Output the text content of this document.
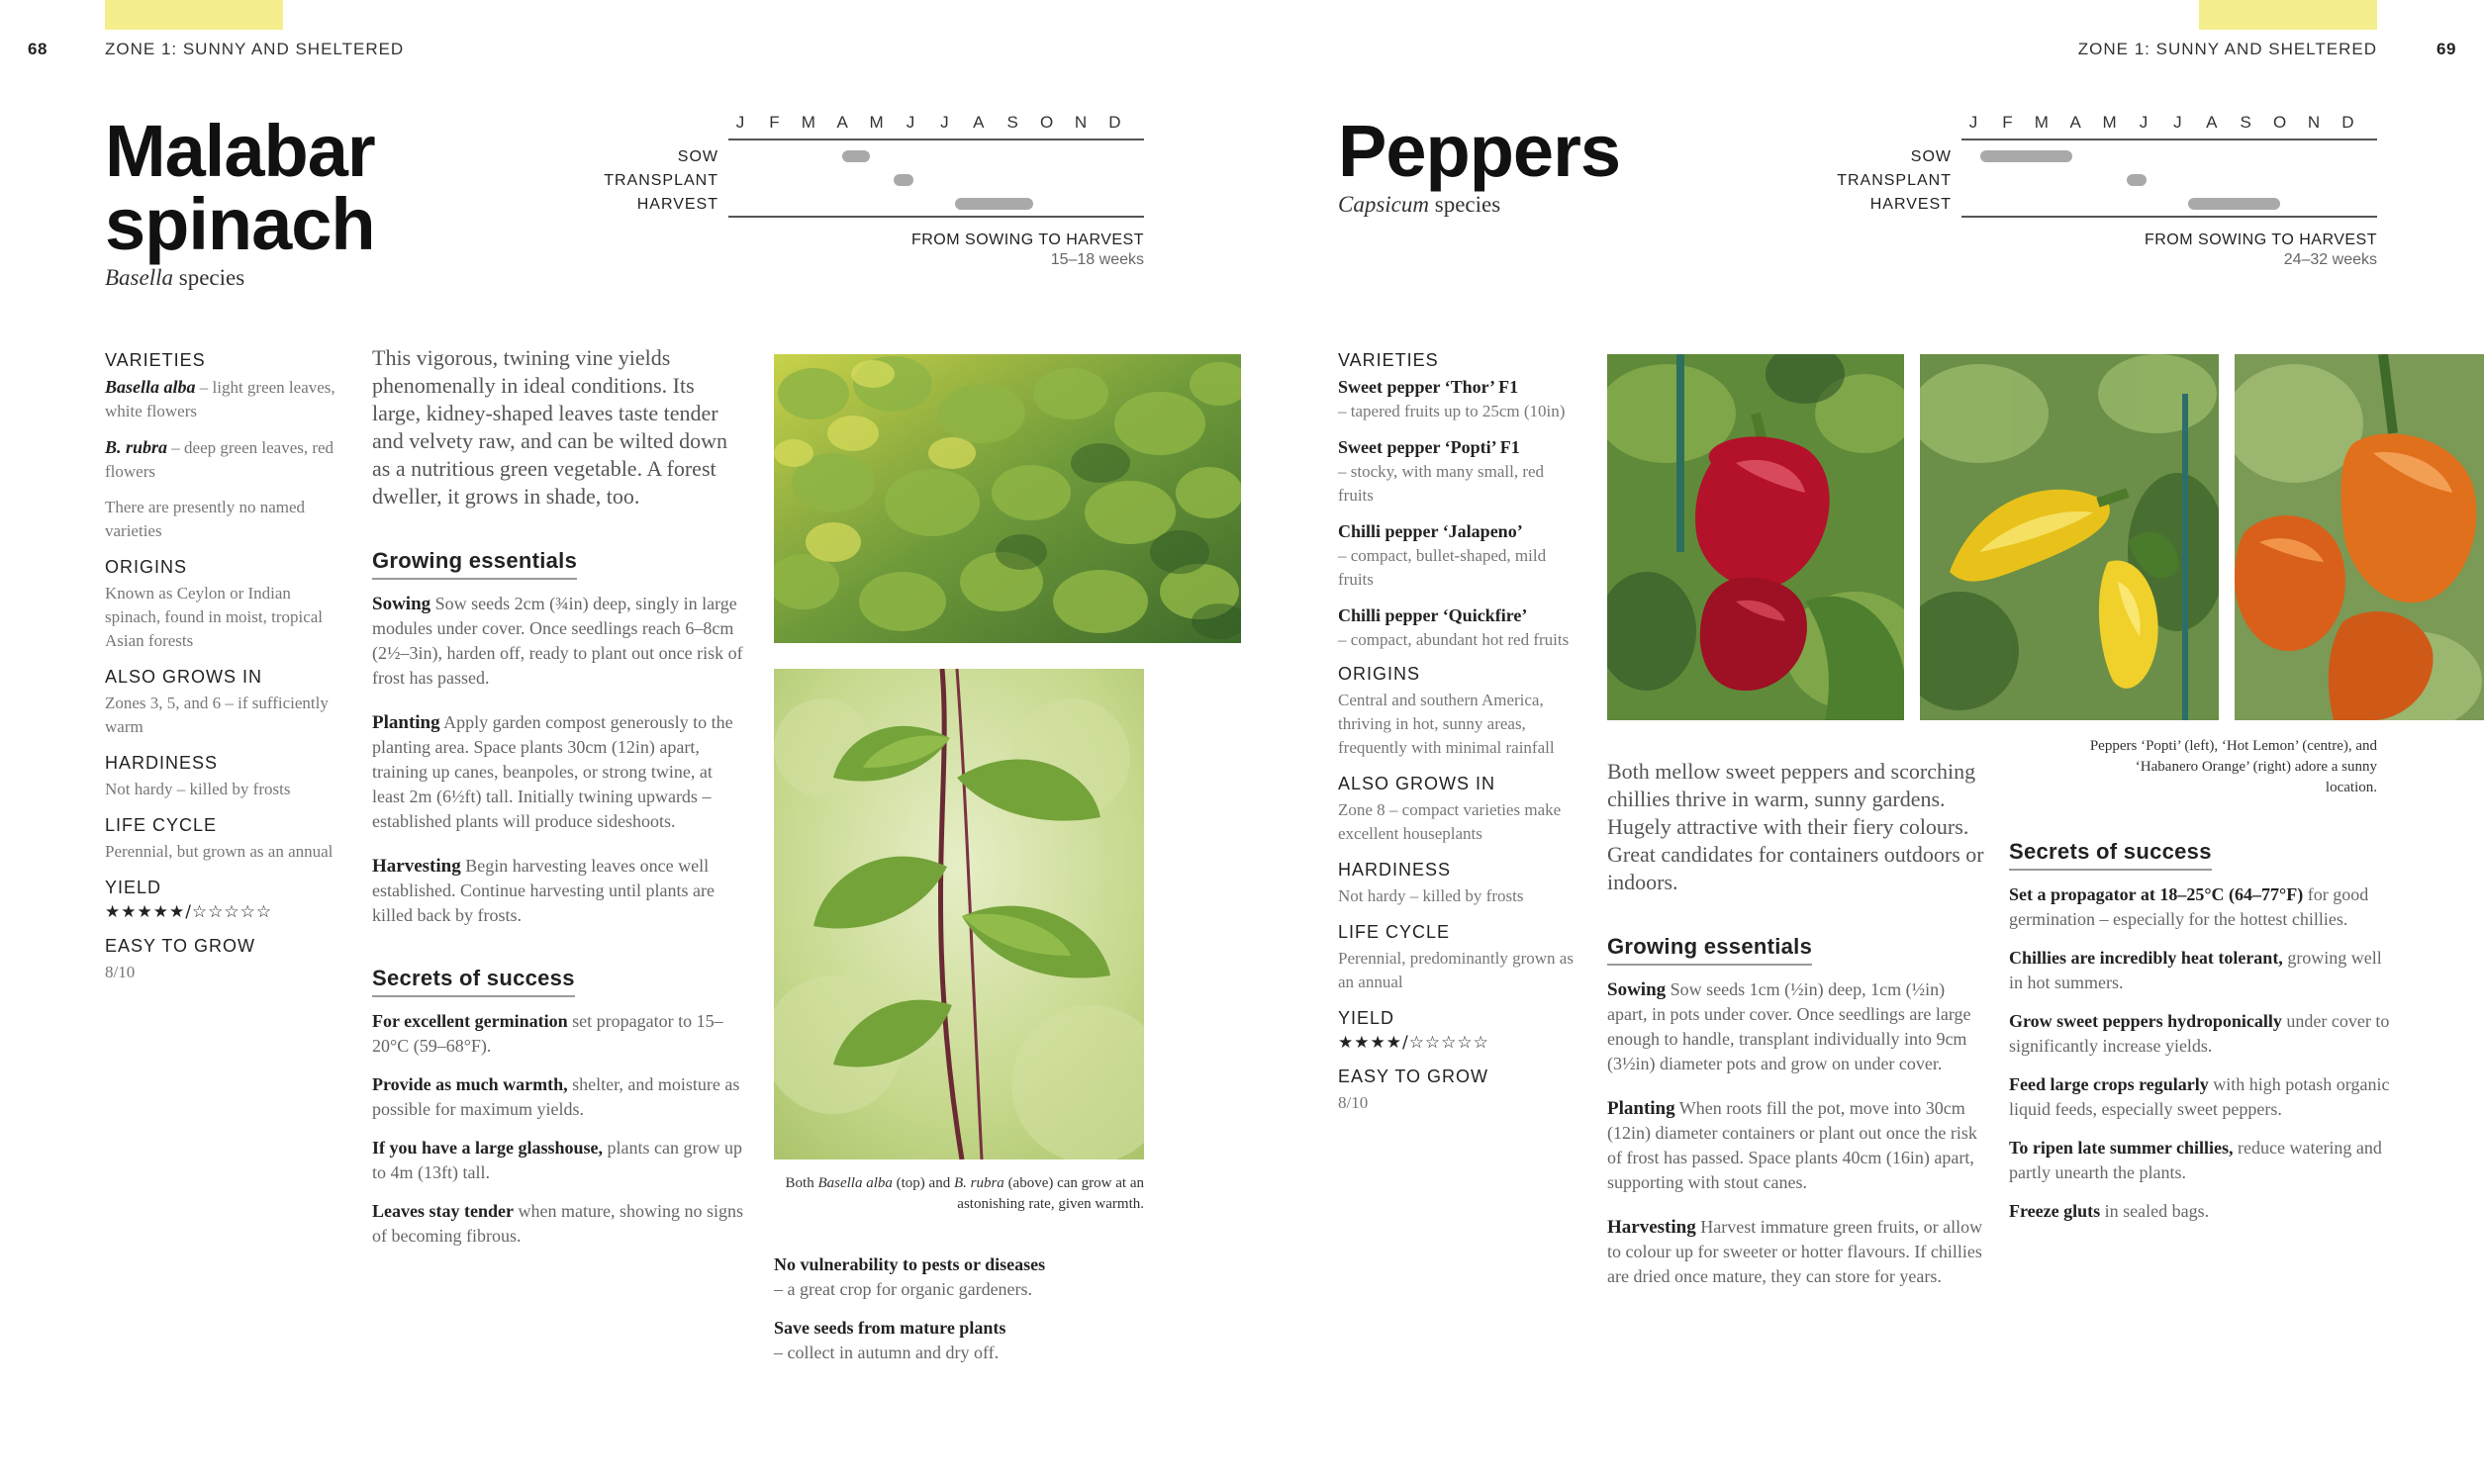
68	ZONE 1: SUNNY AND SHELTERED
Malabar
spinach
Basella species
J	F	M	A	M	J	J	A	S	O	N	D
SOW
TRANSPLANT
HARVEST
FROM SOWING TO HARVEST
15–18 weeks
VARIETIES
Basella alba – light green leaves, white flowers
B. rubra – deep green leaves, red flowers
There are presently no named varieties
ORIGINS
Known as Ceylon or Indian spinach, found in moist, tropical Asian forests
ALSO GROWS IN
Zones 3, 5, and 6 – if sufficiently warm
HARDINESS
Not hardy – killed by frosts
LIFE CYCLE
Perennial, but grown as an annual
YIELD
★★★★★/☆☆☆☆☆
EASY TO GROW
8/10
This vigorous, twining vine yields phenomenally in ideal conditions. Its large, kidney-shaped leaves taste tender and velvety raw, and can be wilted down as a nutritious green vegetable. A forest dweller, it grows in shade, too.
Growing essentials
Sowing Sow seeds 2cm (¾in) deep, singly in large modules under cover. Once seedlings reach 6–8cm (2½–3in), harden off, ready to plant out once risk of frost has passed.
Planting Apply garden compost generously to the planting area. Space plants 30cm (12in) apart, training up canes, beanpoles, or strong twine, at least 2m (6½ft) tall. Initially twining upwards – established plants will produce sideshoots.
Harvesting Begin harvesting leaves once well established. Continue harvesting until plants are killed back by frosts.
Secrets of success
For excellent germination set propagator to 15–20°C (59–68°F).
Provide as much warmth, shelter, and moisture as possible for maximum yields.
If you have a large glasshouse, plants can grow up to 4m (13ft) tall.
Leaves stay tender when mature, showing no signs of becoming fibrous.
Both Basella alba (top) and B. rubra (above) can grow at an astonishing rate, given warmth.
No vulnerability to pests or diseases
– a great crop for organic gardeners.
Save seeds from mature plants
– collect in autumn and dry off.
69
ZONE 1: SUNNY AND SHELTERED
Peppers
Capsicum species
J	F	M	A	M	J	J	A	S	O	N	D
SOW
TRANSPLANT
HARVEST
FROM SOWING TO HARVEST
24–32 weeks
VARIETIES
Sweet pepper ‘Thor’ F1
– tapered fruits up to 25cm (10in)
Sweet pepper ‘Popti’ F1
– stocky, with many small, red fruits
Chilli pepper ‘Jalapeno’
– compact, bullet-shaped, mild fruits
Chilli pepper ‘Quickfire’
– compact, abundant hot red fruits
ORIGINS
Central and southern America, thriving in hot, sunny areas, frequently with minimal rainfall
ALSO GROWS IN
Zone 8 – compact varieties make excellent houseplants
HARDINESS
Not hardy – killed by frosts
LIFE CYCLE
Perennial, predominantly grown as an annual
YIELD
★★★★/☆☆☆☆☆
EASY TO GROW
8/10
Peppers ‘Popti’ (left), ‘Hot Lemon’ (centre), and ‘Habanero Orange’ (right) adore a sunny location.
Both mellow sweet peppers and scorching chillies thrive in warm, sunny gardens. Hugely attractive with their fiery colours. Great candidates for containers outdoors or indoors.
Growing essentials
Sowing Sow seeds 1cm (½in) deep, 1cm (½in) apart, in pots under cover. Once seedlings are large enough to handle, transplant individually into 9cm (3½in) diameter pots and grow on under cover.
Planting When roots fill the pot, move into 30cm (12in) diameter containers or plant out once the risk of frost has passed. Space plants 40cm (16in) apart, supporting with stout canes.
Harvesting Harvest immature green fruits, or allow to colour up for sweeter or hotter flavours. If chillies are dried once mature, they can store for years.
Secrets of success
Set a propagator at 18–25°C (64–77°F) for good germination – especially for the hottest chillies.
Chillies are incredibly heat tolerant, growing well in hot summers.
Grow sweet peppers hydroponically under cover to significantly increase yields.
Feed large crops regularly with high potash organic liquid feeds, especially sweet peppers.
To ripen late summer chillies, reduce watering and partly unearth the plants.
Freeze gluts in sealed bags.
